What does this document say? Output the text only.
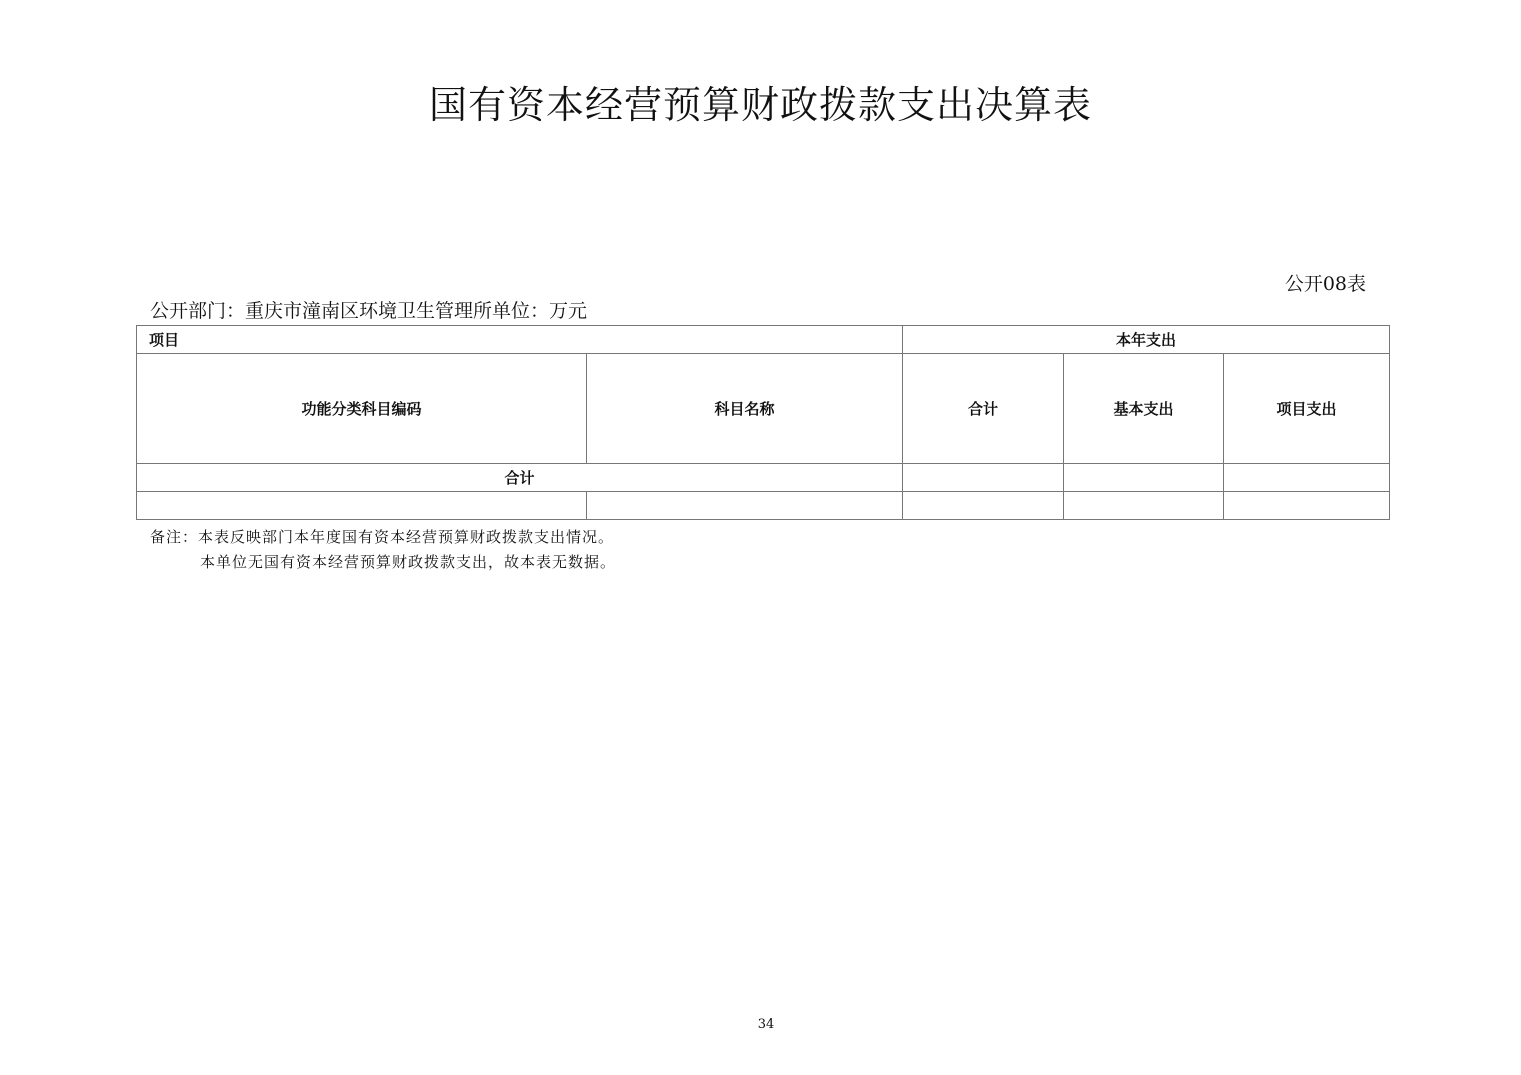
国有资本经营预算财政拨款支出决算表
公开08表
公开部门：重庆市潼南区环境卫生管理所单位：万元
项目		本年支出		
功能分类科目编码	科目名称	合计	基本支出	项目支出
合计				

备注：本表反映部门本年度国有资本经营预算财政拨款支出情况。
本单位无国有资本经营预算财政拨款支出，故本表无数据。
34
